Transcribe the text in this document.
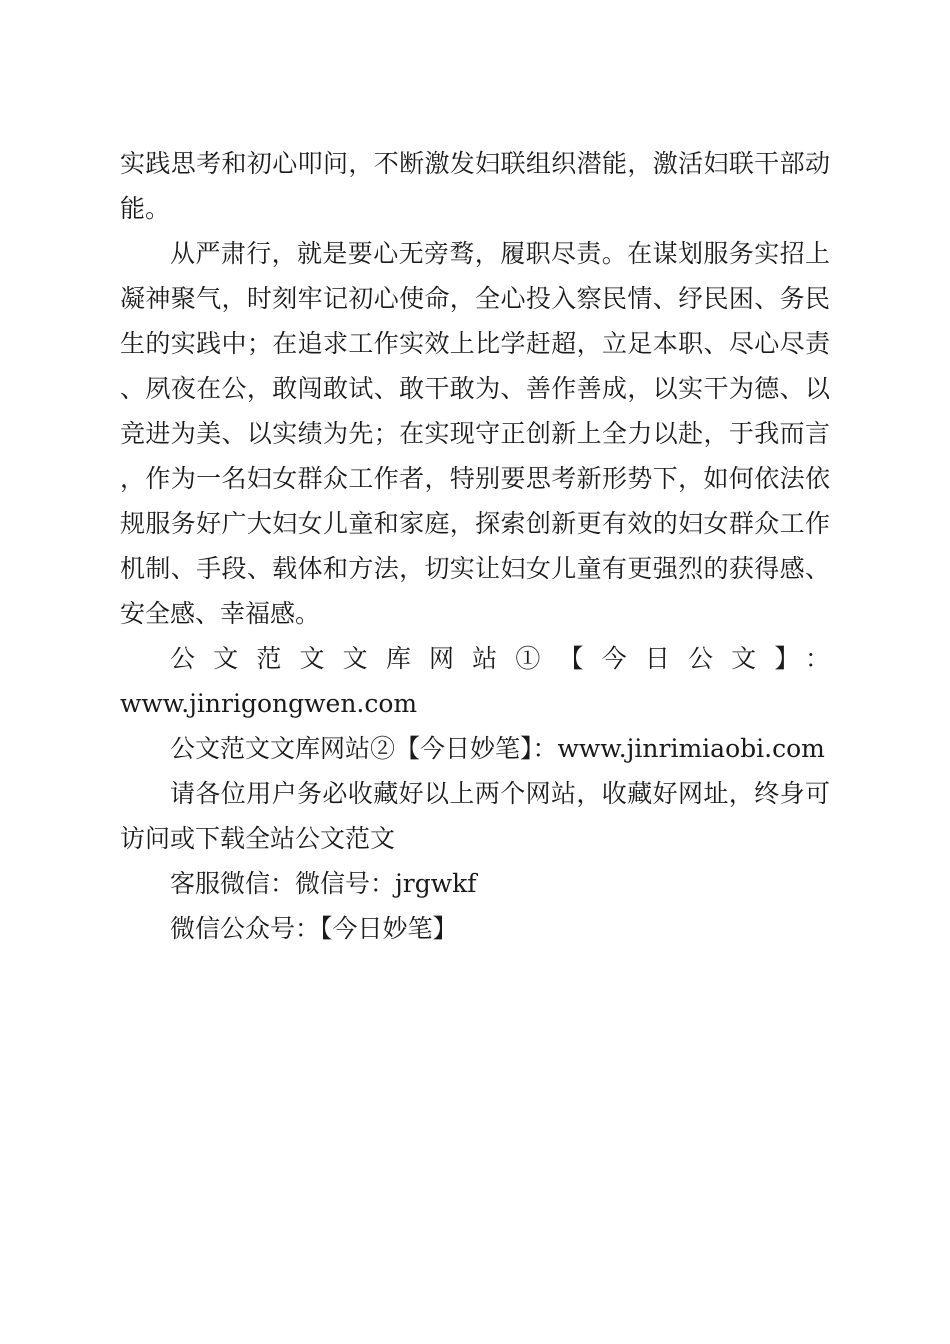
实践思考和初心叩问，不断激发妇联组织潜能，激活妇联干部动能。

从严肃行，就是要心无旁骛，履职尽责。在谋划服务实招上凝神聚气，时刻牢记初心使命，全心投入察民情、纾民困、务民生的实践中；在追求工作实效上比学赶超，立足本职、尽心尽责、夙夜在公，敢闯敢试、敢干敢为、善作善成，以实干为德、以竞进为美、以实绩为先；在实现守正创新上全力以赴，于我而言，作为一名妇女群众工作者，特别要思考新形势下，如何依法依规服务好广大妇女儿童和家庭，探索创新更有效的妇女群众工作机制、手段、载体和方法，切实让妇女儿童有更强烈的获得感、安全感、幸福感。

公文范文文库网站①【今日公文】：

www.jinrigongwen.com

公文范文文库网站②【今日妙笔】：www.jinrimiaobi.com

请各位用户务必收藏好以上两个网站，收藏好网址，终身可访问或下载全站公文范文

客服微信：微信号：jrgwkf

微信公众号：【今日妙笔】
